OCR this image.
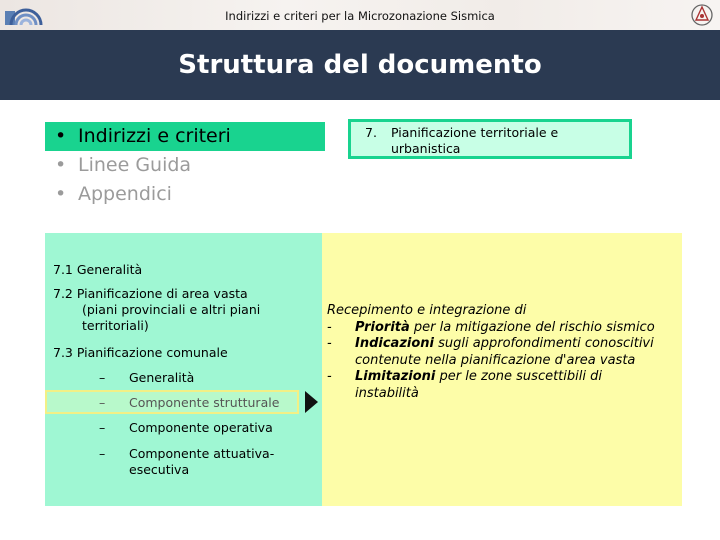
Indirizzi e criteri per la Microzonazione Sismica
Struttura del documento
• Indirizzi e criteri
• Linee Guida
• Appendici
7. Pianificazione territoriale e urbanistica
7.1 Generalità
7.2 Pianificazione di area vasta
(piani provinciali e altri piani
territoriali)
7.3 Pianificazione comunale
– Generalità
– Componente strutturale
– Componente operativa
– Componente attuativa-
esecutiva
Recepimento e integrazione di
- Priorità per la mitigazione del rischio sismico
- Indicazioni sugli approfondimenti conoscitivi contenute nella pianificazione d'area vasta
- Limitazioni per le zone suscettibili di instabilità
